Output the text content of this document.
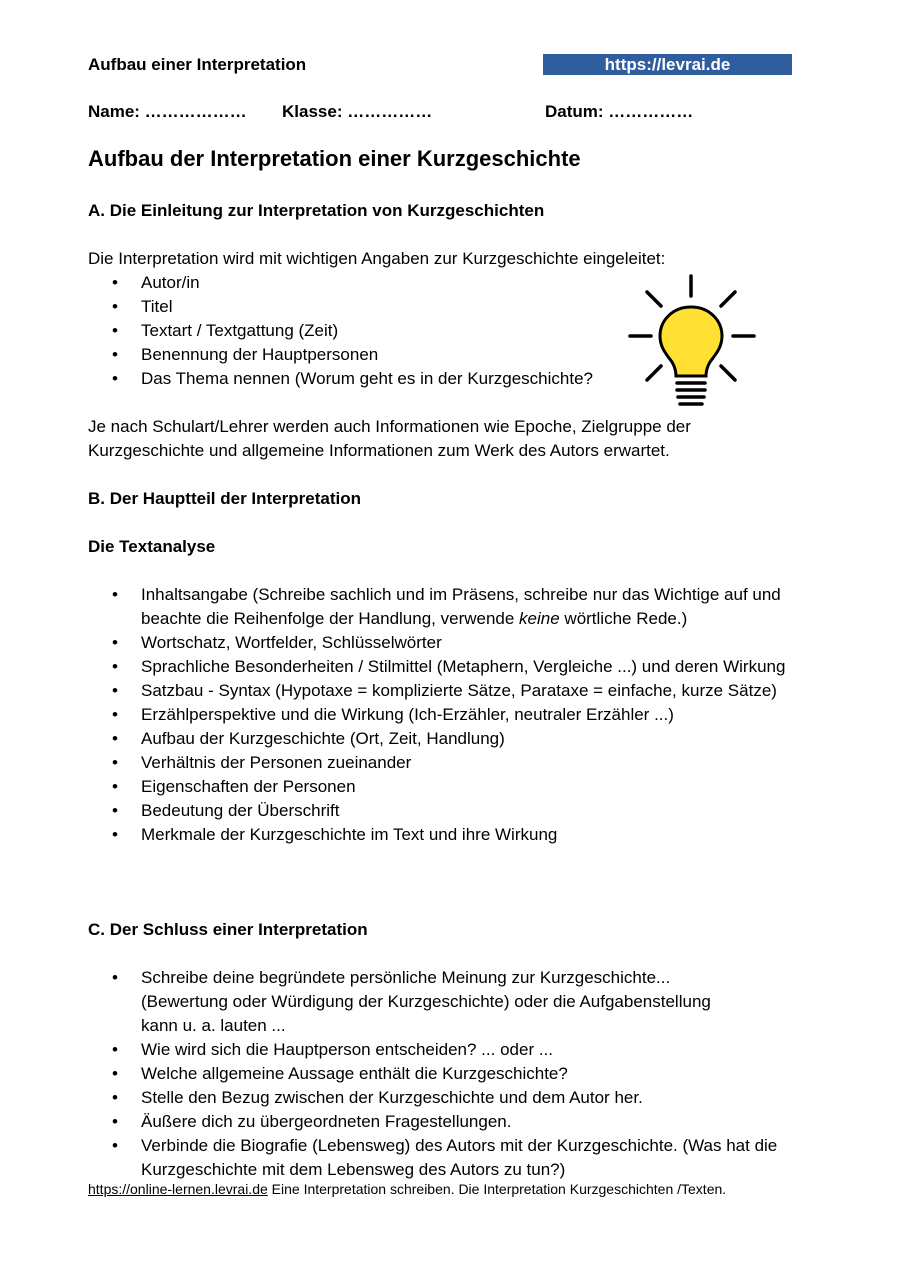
Aufbau einer Interpretation	https://levrai.de
Name: ……………… Klasse: ……………	Datum: ……………
Aufbau der Interpretation einer Kurzgeschichte
A. Die Einleitung zur Interpretation von Kurzgeschichten
Die Interpretation wird mit wichtigen Angaben zur Kurzgeschichte eingeleitet:
• Autor/in
• Titel
• Textart / Textgattung (Zeit)
• Benennung der Hauptpersonen
• Das Thema nennen (Worum geht es in der Kurzgeschichte?
Je nach Schulart/Lehrer werden auch Informationen wie Epoche, Zielgruppe der Kurzgeschichte und allgemeine Informationen zum Werk des Autors erwartet.
B. Der Hauptteil der Interpretation
Die Textanalyse
• Inhaltsangabe (Schreibe sachlich und im Präsens, schreibe nur das Wichtige auf und beachte die Reihenfolge der Handlung, verwende keine wörtliche Rede.)
• Wortschatz, Wortfelder, Schlüsselwörter
• Sprachliche Besonderheiten / Stilmittel (Metaphern, Vergleiche ...) und deren Wirkung
• Satzbau - Syntax (Hypotaxe = komplizierte Sätze, Parataxe = einfache, kurze Sätze)
• Erzählperspektive und die Wirkung (Ich-Erzähler, neutraler Erzähler ...)
• Aufbau der Kurzgeschichte (Ort, Zeit, Handlung)
• Verhältnis der Personen zueinander
• Eigenschaften der Personen
• Bedeutung der Überschrift
• Merkmale der Kurzgeschichte im Text und ihre Wirkung
C. Der Schluss einer Interpretation
• Schreibe deine begründete persönliche Meinung zur Kurzgeschichte... (Bewertung oder Würdigung der Kurzgeschichte) oder die Aufgabenstellung kann u. a. lauten ...
• Wie wird sich die Hauptperson entscheiden? ... oder ...
• Welche allgemeine Aussage enthält die Kurzgeschichte?
• Stelle den Bezug zwischen der Kurzgeschichte und dem Autor her.
• Äußere dich zu übergeordneten Fragestellungen.
• Verbinde die Biografie (Lebensweg) des Autors mit der Kurzgeschichte. (Was hat die Kurzgeschichte mit dem Lebensweg des Autors zu tun?)
https://online-lernen.levrai.de Eine Interpretation schreiben. Die Interpretation Kurzgeschichten /Texten.
